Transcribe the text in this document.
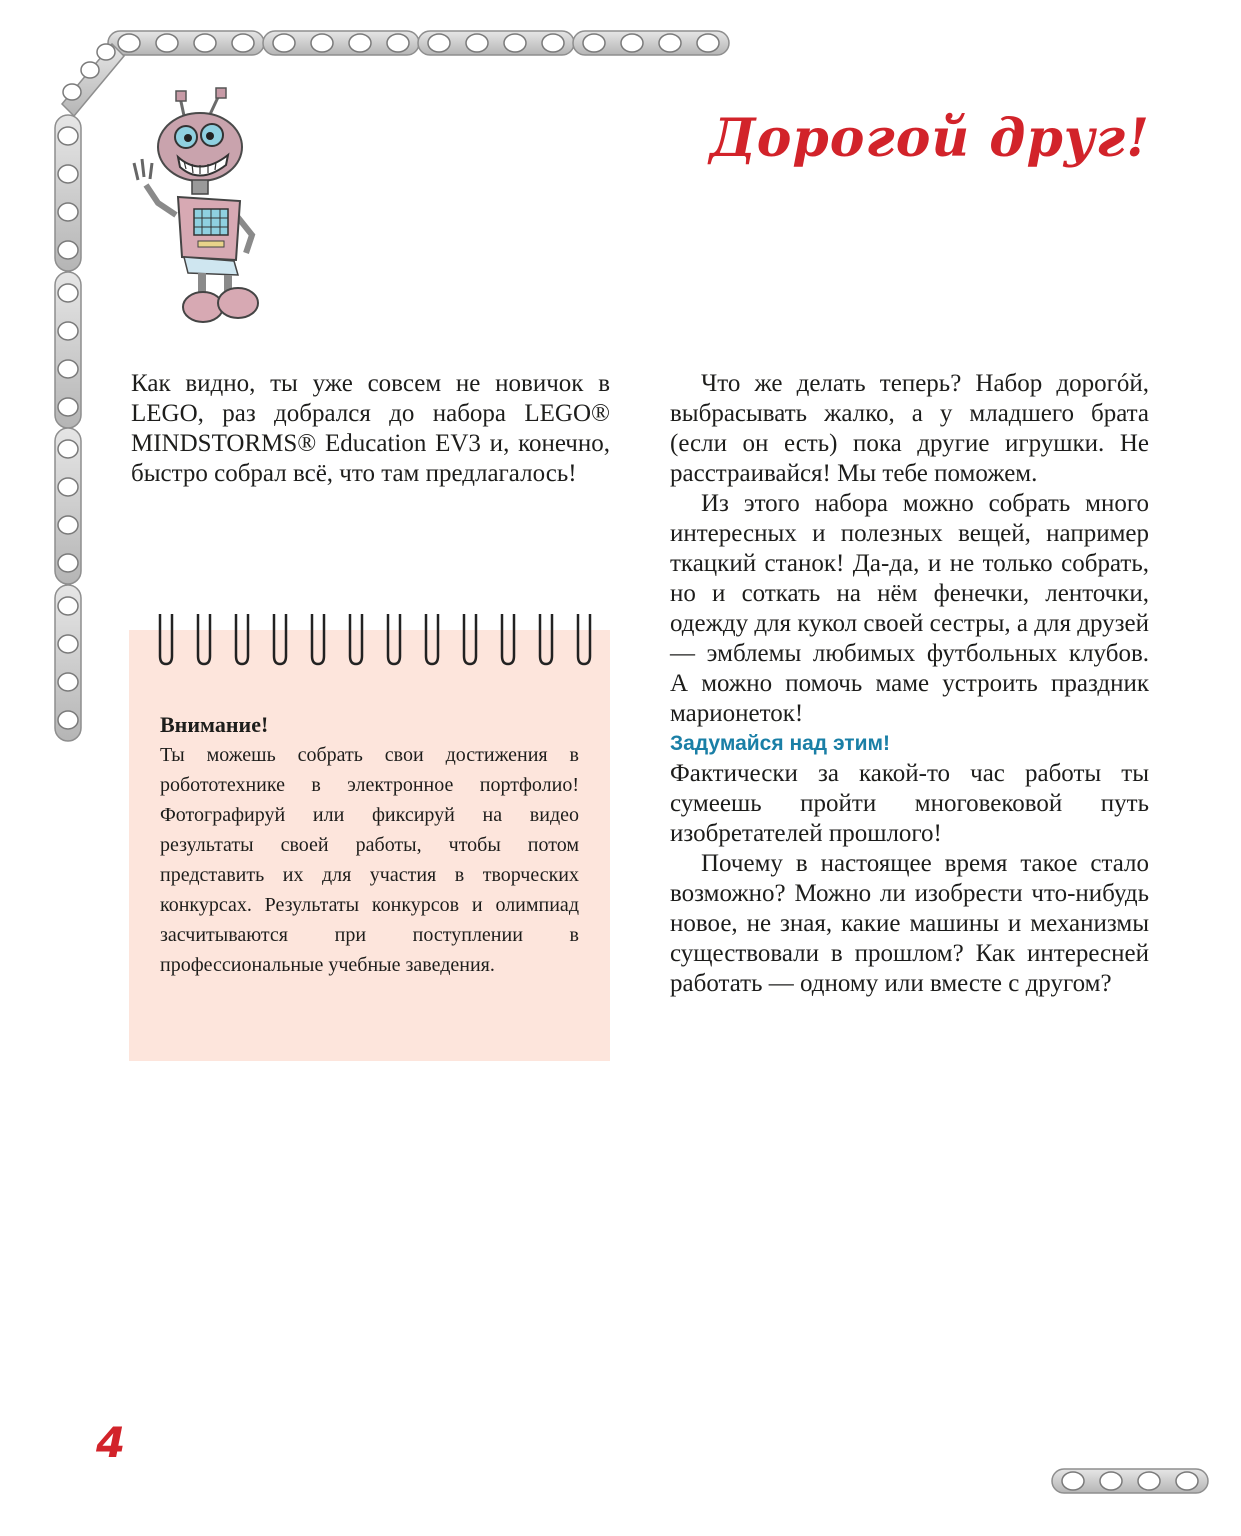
Дорогой друг!

Как видно, ты уже совсем не новичок в LEGO, раз добрался до набора LEGO® MINDSTORMS® Education EV3 и, конечно, быстро собрал всё, что там предлагалось!

Внимание!

Ты можешь собрать свои достижения в робототехнике в электронное портфолио! Фотографируй или фиксируй на видео результаты своей работы, чтобы потом представить их для участия в творческих конкурсах. Результаты конкурсов и олимпиад засчитываются при поступлении в профессиональные учебные заведения.

Что же делать теперь? Набор дорогóй, выбрасывать жалко, а у младшего брата (если он есть) пока другие игрушки. Не расстраивайся! Мы тебе поможем.

Из этого набора можно собрать много интересных и полезных вещей, например ткацкий станок! Да-да, и не только собрать, но и соткать на нём фенечки, ленточки, одежду для кукол своей сестры, а для друзей — эмблемы любимых футбольных клубов. А можно помочь маме устроить праздник марионеток!

Задумайся над этим!

Фактически за какой-то час работы ты сумеешь пройти многовековой путь изобретателей прошлого!

Почему в настоящее время такое стало возможно? Можно ли изобрести что-нибудь новое, не зная, какие машины и механизмы существовали в прошлом? Как интересней работать — одному или вместе с другом?

4
